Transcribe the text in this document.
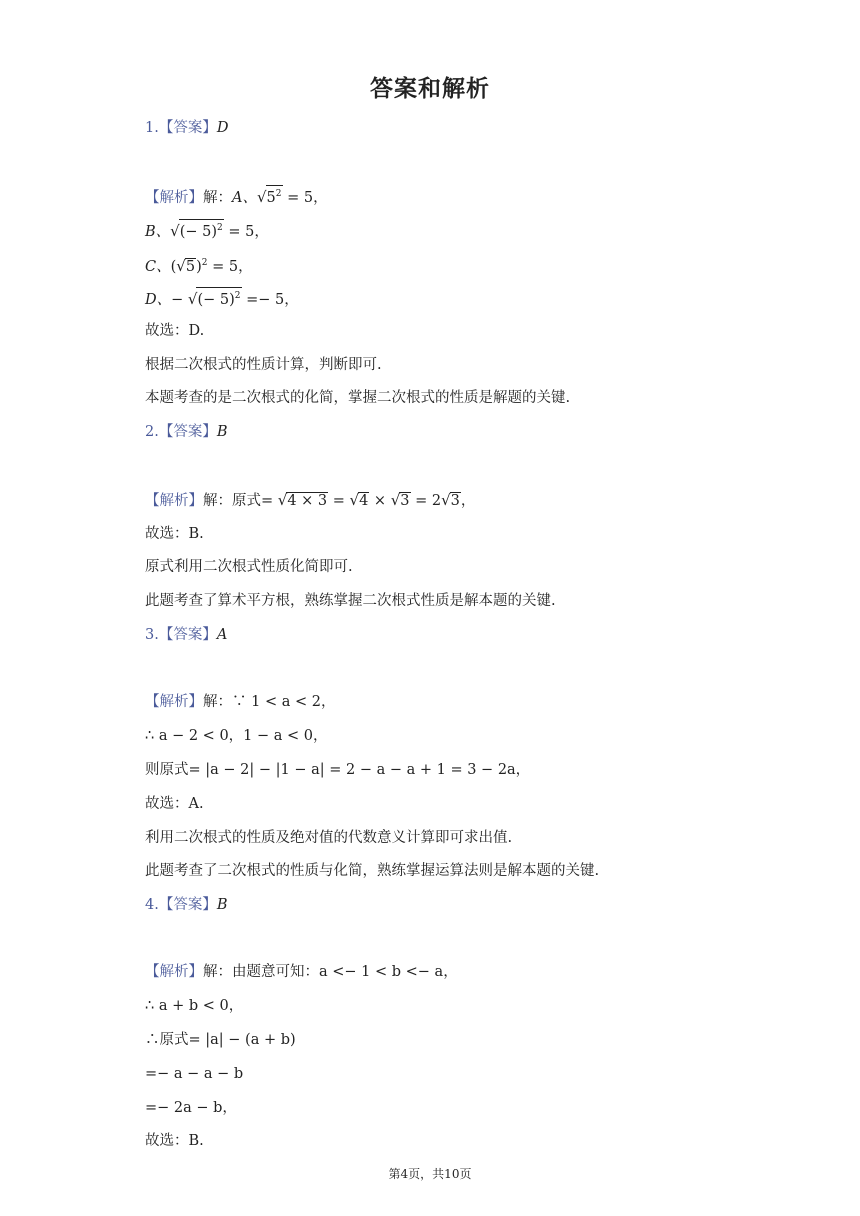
答案和解析
1.【答案】D
【解析】解：A、$√5^2 = 5$，
B、√(− 5)$^2$ = 5，
C、$(√5)^2 = 5$，
D、− √(− 5)$^2$ =− 5，
故选：D.
根据二次根式的性质计算，判断即可.
本题考查的是二次根式的化简，掌握二次根式的性质是解题的关键.
2.【答案】B
【解析】解：原式= √4 × 3 = √4 × √3 = 2√3，
故选：B.
原式利用二次根式性质化简即可.
此题考查了算术平方根，熟练掌握二次根式性质是解本题的关键.
3.【答案】A
【解析】解：∵ 1 < a < 2，
∴ a − 2 < 0，1 − a < 0，
则原式= |a − 2| − |1 − a| = 2 − a − a + 1 = 3 − 2a，
故选：A.
利用二次根式的性质及绝对值的代数意义计算即可求出值.
此题考查了二次根式的性质与化简，熟练掌握运算法则是解本题的关键.
4.【答案】B
【解析】解：由题意可知：a <− 1 < b <− a，
∴ a + b < 0，
∴原式= |a| − (a + b)
=− a − a − b
=− 2a − b，
故选：B.
第4页，共10页
